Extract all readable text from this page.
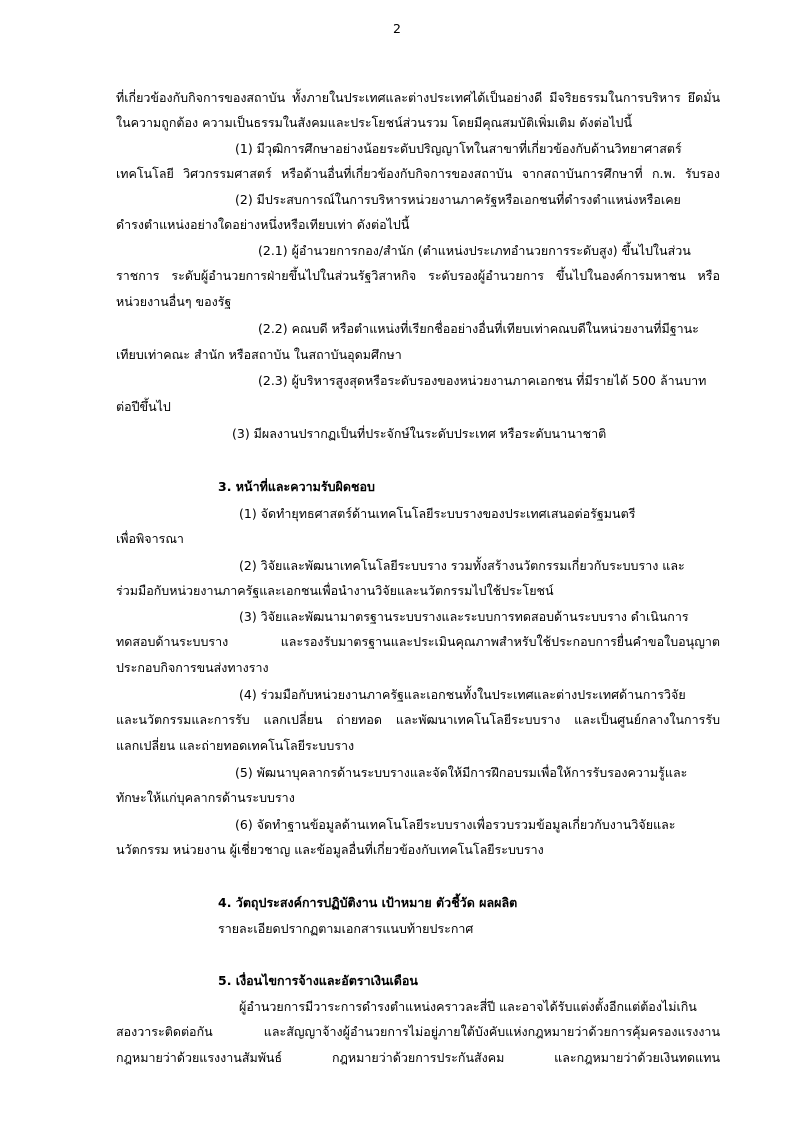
2
ที่เกี่ยวข้องกับกิจการของสถาบัน ทั้งภายในประเทศและต่างประเทศได้เป็นอย่างดี มีจริยธรรมในการบริหาร ยึดมั่น
ในความถูกต้อง ความเป็นธรรมในสังคมและประโยชน์ส่วนรวม โดยมีคุณสมบัติเพิ่มเติม ดังต่อไปนี้
(1) มีวุฒิการศึกษาอย่างน้อยระดับปริญญาโทในสาขาที่เกี่ยวข้องกับด้านวิทยาศาสตร์
เทคโนโลยี วิศวกรรมศาสตร์ หรือด้านอื่นที่เกี่ยวข้องกับกิจการของสถาบัน จากสถาบันการศึกษาที่ ก.พ. รับรอง
(2) มีประสบการณ์ในการบริหารหน่วยงานภาครัฐหรือเอกชนที่ดำรงตำแหน่งหรือเคย
ดำรงตำแหน่งอย่างใดอย่างหนึ่งหรือเทียบเท่า ดังต่อไปนี้
(2.1) ผู้อำนวยการกอง/สำนัก (ตำแหน่งประเภทอำนวยการระดับสูง) ขึ้นไปในส่วน
ราชการ ระดับผู้อำนวยการฝ่ายขึ้นไปในส่วนรัฐวิสาหกิจ ระดับรองผู้อำนวยการ ขึ้นไปในองค์การมหาชน หรือ
หน่วยงานอื่นๆ ของรัฐ
(2.2) คณบดี หรือตำแหน่งที่เรียกชื่ออย่างอื่นที่เทียบเท่าคณบดีในหน่วยงานที่มีฐานะ
เทียบเท่าคณะ สำนัก หรือสถาบัน ในสถาบันอุดมศึกษา
(2.3) ผู้บริหารสูงสุดหรือระดับรองของหน่วยงานภาคเอกชน ที่มีรายได้ 500 ล้านบาท
ต่อปีขึ้นไป
(3) มีผลงานปรากฏเป็นที่ประจักษ์ในระดับประเทศ หรือระดับนานาชาติ
3. หน้าที่และความรับผิดชอบ
(1) จัดทำยุทธศาสตร์ด้านเทคโนโลยีระบบรางของประเทศเสนอต่อรัฐมนตรี
เพื่อพิจารณา
(2) วิจัยและพัฒนาเทคโนโลยีระบบราง รวมทั้งสร้างนวัตกรรมเกี่ยวกับระบบราง และ
ร่วมมือกับหน่วยงานภาครัฐและเอกชนเพื่อนำงานวิจัยและนวัตกรรมไปใช้ประโยชน์
(3) วิจัยและพัฒนามาตรฐานระบบรางและระบบการทดสอบด้านระบบราง ดำเนินการ
ทดสอบด้านระบบราง และรองรับมาตรฐานและประเมินคุณภาพสำหรับใช้ประกอบการยื่นคำขอใบอนุญาต
ประกอบกิจการขนส่งทางราง
(4) ร่วมมือกับหน่วยงานภาครัฐและเอกชนทั้งในประเทศและต่างประเทศด้านการวิจัย
และนวัตกรรมและการรับ แลกเปลี่ยน ถ่ายทอด และพัฒนาเทคโนโลยีระบบราง และเป็นศูนย์กลางในการรับ
แลกเปลี่ยน และถ่ายทอดเทคโนโลยีระบบราง
(5) พัฒนาบุคลากรด้านระบบรางและจัดให้มีการฝึกอบรมเพื่อให้การรับรองความรู้และ
ทักษะให้แก่บุคลากรด้านระบบราง
(6) จัดทำฐานข้อมูลด้านเทคโนโลยีระบบรางเพื่อรวบรวมข้อมูลเกี่ยวกับงานวิจัยและ
นวัตกรรม หน่วยงาน ผู้เชี่ยวชาญ และข้อมูลอื่นที่เกี่ยวข้องกับเทคโนโลยีระบบราง
4. วัตถุประสงค์การปฏิบัติงาน เป้าหมาย ตัวชี้วัด ผลผลิต
รายละเอียดปรากฏตามเอกสารแนบท้ายประกาศ
5. เงื่อนไขการจ้างและอัตราเงินเดือน
ผู้อำนวยการมีวาระการดำรงตำแหน่งคราวละสี่ปี และอาจได้รับแต่งตั้งอีกแต่ต้องไม่เกิน
สองวาระติดต่อกัน และสัญญาจ้างผู้อำนวยการไม่อยู่ภายใต้บังคับแห่งกฎหมายว่าด้วยการคุ้มครองแรงงาน
กฎหมายว่าด้วยแรงงานสัมพันธ์ กฎหมายว่าด้วยการประกันสังคม และกฎหมายว่าด้วยเงินทดแทน
